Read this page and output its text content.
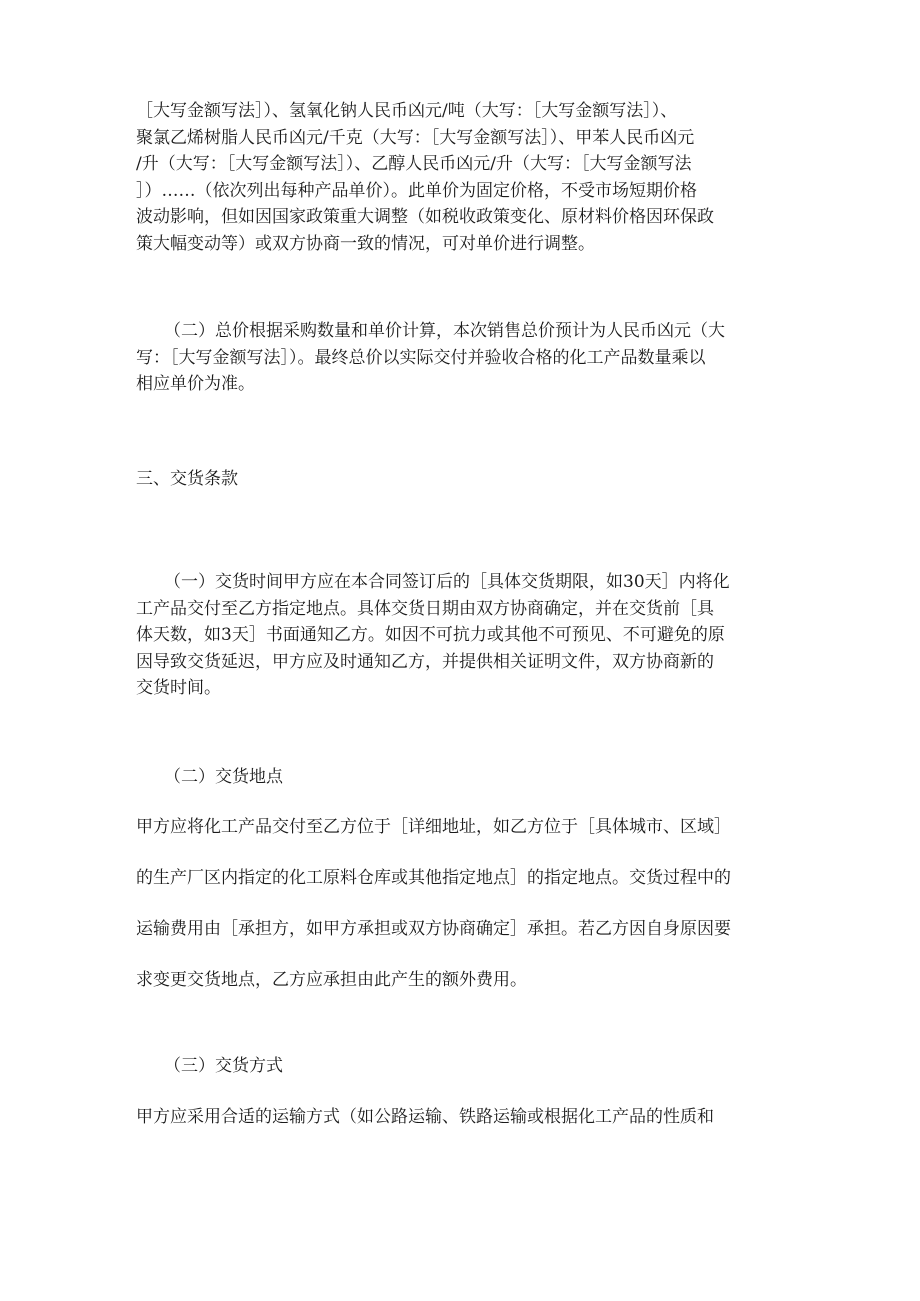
［大写金额写法］）、氢氧化钠人民币凶元/吨（大写：［大写金额写法］）、
聚氯乙烯树脂人民币凶元/千克（大写：［大写金额写法］）、甲苯人民币凶元
/升（大写：［大写金额写法］）、乙醇人民币凶元/升（大写：［大写金额写法
］）……（依次列出每种产品单价）。此单价为固定价格，不受市场短期价格
波动影响，但如因国家政策重大调整（如税收政策变化、原材料价格因环保政
策大幅变动等）或双方协商一致的情况，可对单价进行调整。
（二）总价根据采购数量和单价计算，本次销售总价预计为人民币凶元（大
写：［大写金额写法］）。最终总价以实际交付并验收合格的化工产品数量乘以
相应单价为准。
三、交货条款
（一）交货时间甲方应在本合同签订后的［具体交货期限，如30天］内将化
工产品交付至乙方指定地点。具体交货日期由双方协商确定，并在交货前［具
体天数，如3天］书面通知乙方。如因不可抗力或其他不可预见、不可避免的原
因导致交货延迟，甲方应及时通知乙方，并提供相关证明文件，双方协商新的
交货时间。
（二）交货地点
甲方应将化工产品交付至乙方位于［详细地址，如乙方位于［具体城市、区域］
的生产厂区内指定的化工原料仓库或其他指定地点］的指定地点。交货过程中的
运输费用由［承担方，如甲方承担或双方协商确定］承担。若乙方因自身原因要
求变更交货地点，乙方应承担由此产生的额外费用。
（三）交货方式
甲方应采用合适的运输方式（如公路运输、铁路运输或根据化工产品的性质和
